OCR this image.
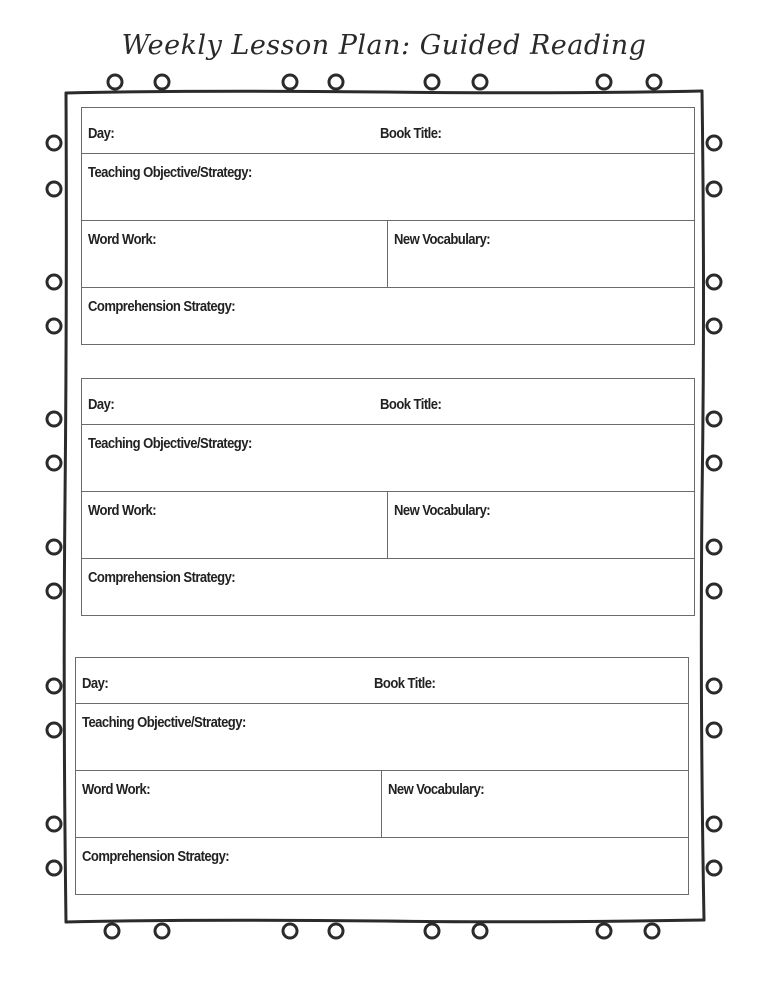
Weekly Lesson Plan: Guided Reading
Day:	Book Title:
Teaching Objective/Strategy:
Word Work:	New Vocabulary:
Comprehension Strategy:
Day:	Book Title:
Teaching Objective/Strategy:
Word Work:	New Vocabulary:
Comprehension Strategy:
Day:	Book Title:
Teaching Objective/Strategy:
Word Work:	New Vocabulary:
Comprehension Strategy:
